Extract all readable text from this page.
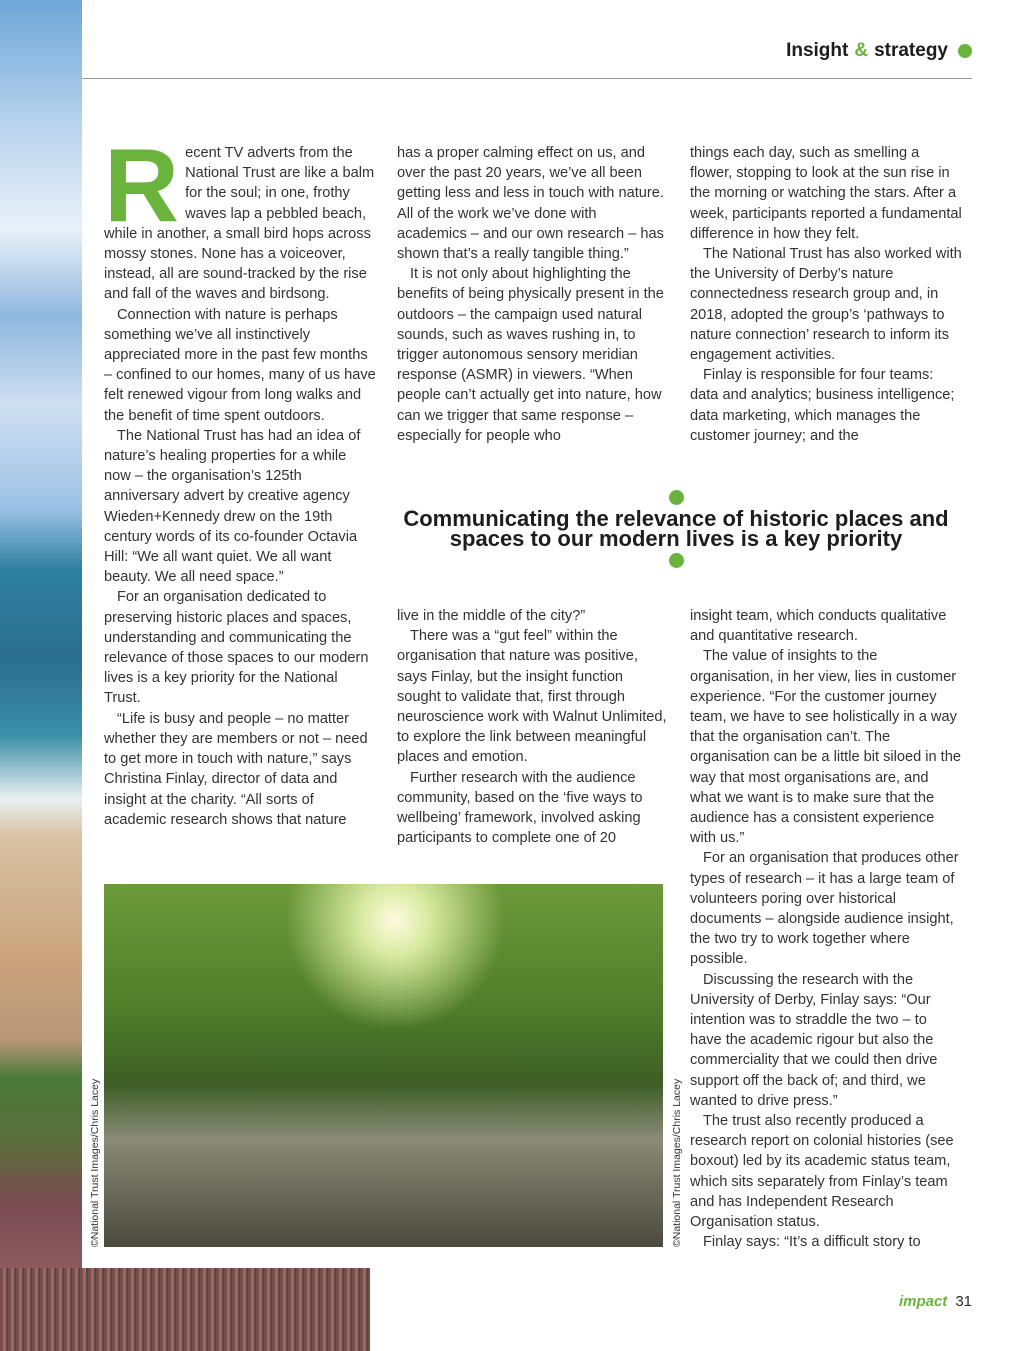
Insight & strategy
R ecent TV adverts from the National Trust are like a balm for the soul; in one, frothy waves lap a pebbled beach, while in another, a small bird hops across mossy stones. None has a voiceover, instead, all are sound-tracked by the rise and fall of the waves and birdsong.

Connection with nature is perhaps something we’ve all instinctively appreciated more in the past few months – confined to our homes, many of us have felt renewed vigour from long walks and the benefit of time spent outdoors.

The National Trust has had an idea of nature’s healing properties for a while now – the organisation’s 125th anniversary advert by creative agency Wieden+Kennedy drew on the 19th century words of its co-founder Octavia Hill: “We all want quiet. We all want beauty. We all need space.”

For an organisation dedicated to preserving historic places and spaces, understanding and communicating the relevance of those spaces to our modern lives is a key priority for the National Trust.

“Life is busy and people – no matter whether they are members or not – need to get more in touch with nature,” says Christina Finlay, director of data and insight at the charity. “All sorts of academic research shows that nature

has a proper calming effect on us, and over the past 20 years, we’ve all been getting less and less in touch with nature. All of the work we’ve done with academics – and our own research – has shown that’s a really tangible thing.”

It is not only about highlighting the benefits of being physically present in the outdoors – the campaign used natural sounds, such as waves rushing in, to trigger autonomous sensory meridian response (ASMR) in viewers. “When people can’t actually get into nature, how can we trigger that same response – especially for people who

things each day, such as smelling a flower, stopping to look at the sun rise in the morning or watching the stars. After a week, participants reported a fundamental difference in how they felt.

The National Trust has also worked with the University of Derby’s nature connectedness research group and, in 2018, adopted the group’s ‘pathways to nature connection’ research to inform its engagement activities.

Finlay is responsible for four teams: data and analytics; business intelligence; data marketing, which manages the customer journey; and the

Communicating the relevance of historic places and spaces to our modern lives is a key priority

live in the middle of the city?”

There was a “gut feel” within the organisation that nature was positive, says Finlay, but the insight function sought to validate that, first through neuroscience work with Walnut Unlimited, to explore the link between meaningful places and emotion.

Further research with the audience community, based on the ‘five ways to wellbeing’ framework, involved asking participants to complete one of 20

insight team, which conducts qualitative and quantitative research.

The value of insights to the organisation, in her view, lies in customer experience. “For the customer journey team, we have to see holistically in a way that the organisation can’t. The organisation can be a little bit siloed in the way that most organisations are, and what we want is to make sure that the audience has a consistent experience with us.”

For an organisation that produces other types of research – it has a large team of volunteers poring over historical documents – alongside audience insight, the two try to work together where possible.

Discussing the research with the University of Derby, Finlay says: “Our intention was to straddle the two – to have the academic rigour but also the commerciality that we could then drive support off the back of; and third, we wanted to drive press.”

The trust also recently produced a research report on colonial histories (see boxout) led by its academic status team, which sits separately from Finlay’s team and has Independent Research Organisation status.

Finlay says: “It’s a difficult story to

©National Trust Images/Chris Lacey	©National Trust Images/Chris Lacey
impact 31
